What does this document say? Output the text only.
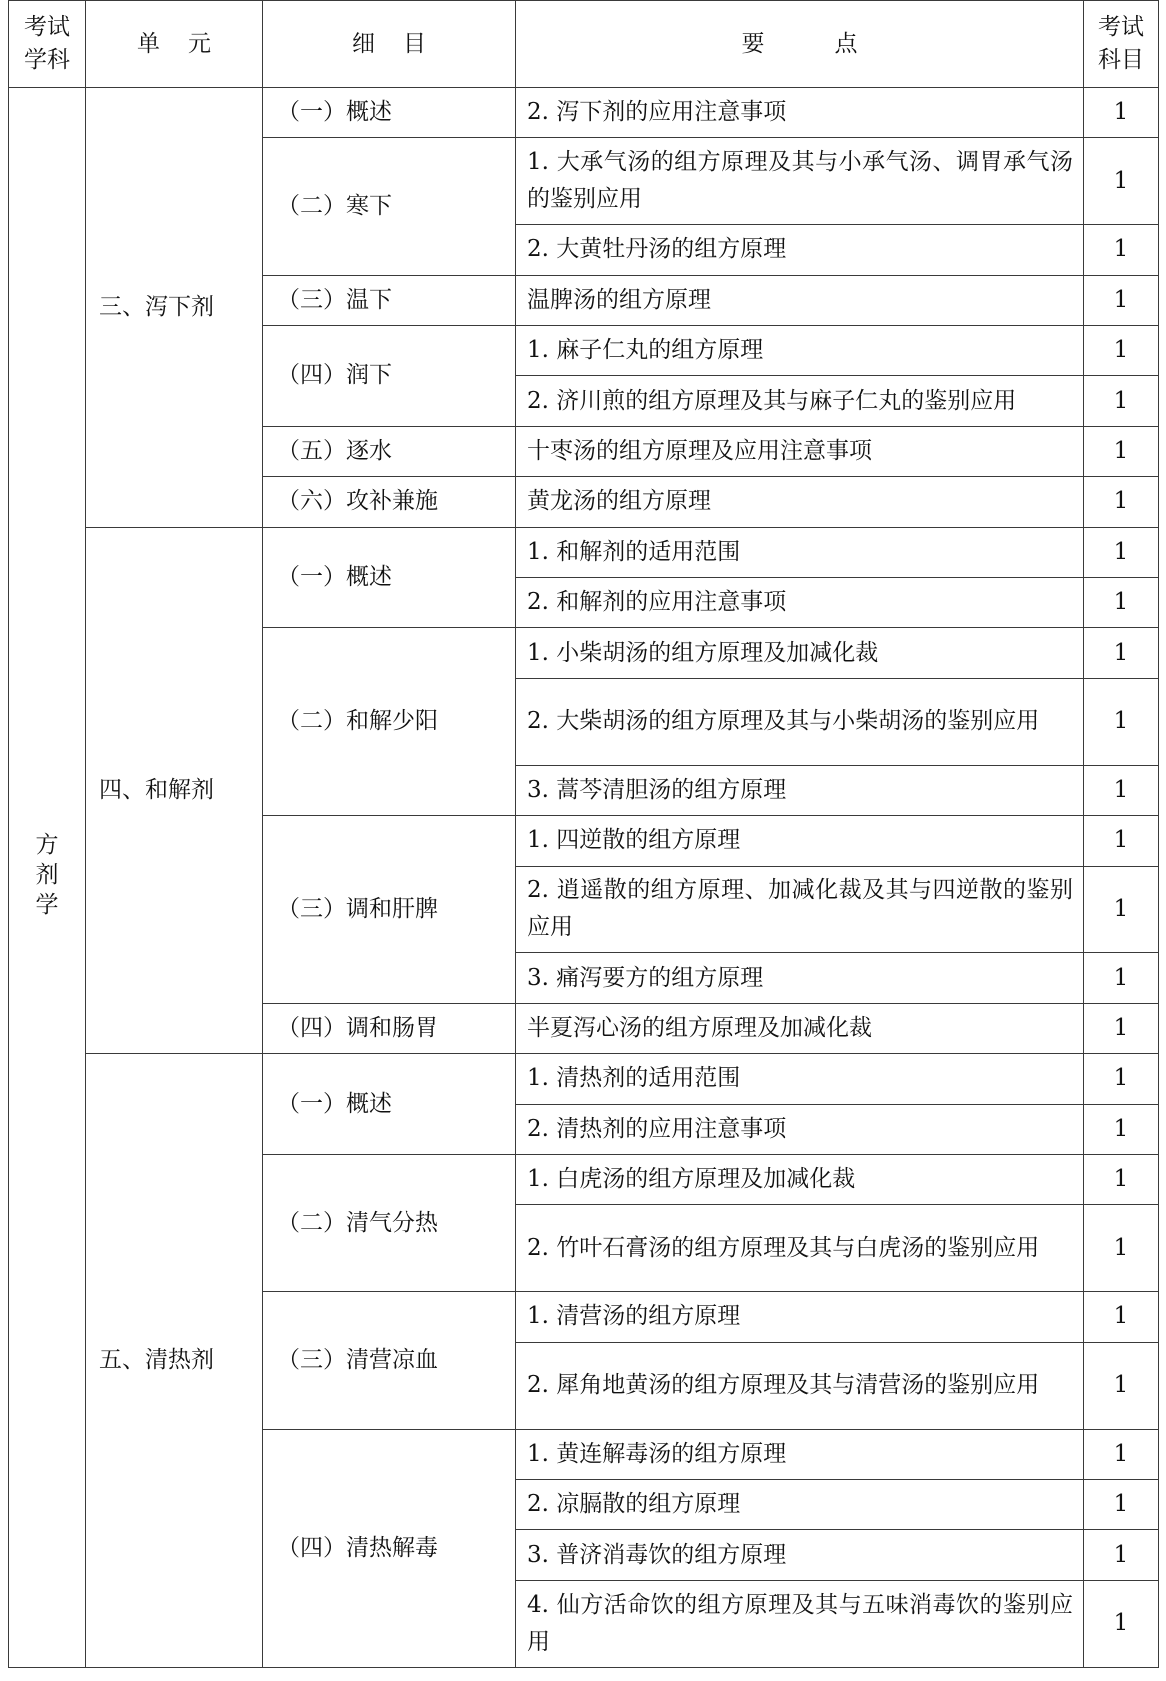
考试学科	单元	细目	要点	考试科目
方剂学	三、泻下剂	（一）概述	2. 泻下剂的应用注意事项	1
		（二）寒下	1. 大承气汤的组方原理及其与小承气汤、调胃承气汤的鉴别应用	1
			2. 大黄牡丹汤的组方原理	1
		（三）温下	温脾汤的组方原理	1
		（四）润下	1. 麻子仁丸的组方原理	1
			2. 济川煎的组方原理及其与麻子仁丸的鉴别应用	1
		（五）逐水	十枣汤的组方原理及应用注意事项	1
		（六）攻补兼施	黄龙汤的组方原理	1
	四、和解剂	（一）概述	1. 和解剂的适用范围	1
			2. 和解剂的应用注意事项	1
		（二）和解少阳	1. 小柴胡汤的组方原理及加减化裁	1
			2. 大柴胡汤的组方原理及其与小柴胡汤的鉴别应用	1
			3. 蒿芩清胆汤的组方原理	1
		（三）调和肝脾	1. 四逆散的组方原理	1
			2. 逍遥散的组方原理、加减化裁及其与四逆散的鉴别应用	1
			3. 痛泻要方的组方原理	1
		（四）调和肠胃	半夏泻心汤的组方原理及加减化裁	1
	五、清热剂	（一）概述	1. 清热剂的适用范围	1
			2. 清热剂的应用注意事项	1
		（二）清气分热	1. 白虎汤的组方原理及加减化裁	1
			2. 竹叶石膏汤的组方原理及其与白虎汤的鉴别应用	1
		（三）清营凉血	1. 清营汤的组方原理	1
			2. 犀角地黄汤的组方原理及其与清营汤的鉴别应用	1
		（四）清热解毒	1. 黄连解毒汤的组方原理	1
			2. 凉膈散的组方原理	1
			3. 普济消毒饮的组方原理	1
			4. 仙方活命饮的组方原理及其与五味消毒饮的鉴别应用	1
